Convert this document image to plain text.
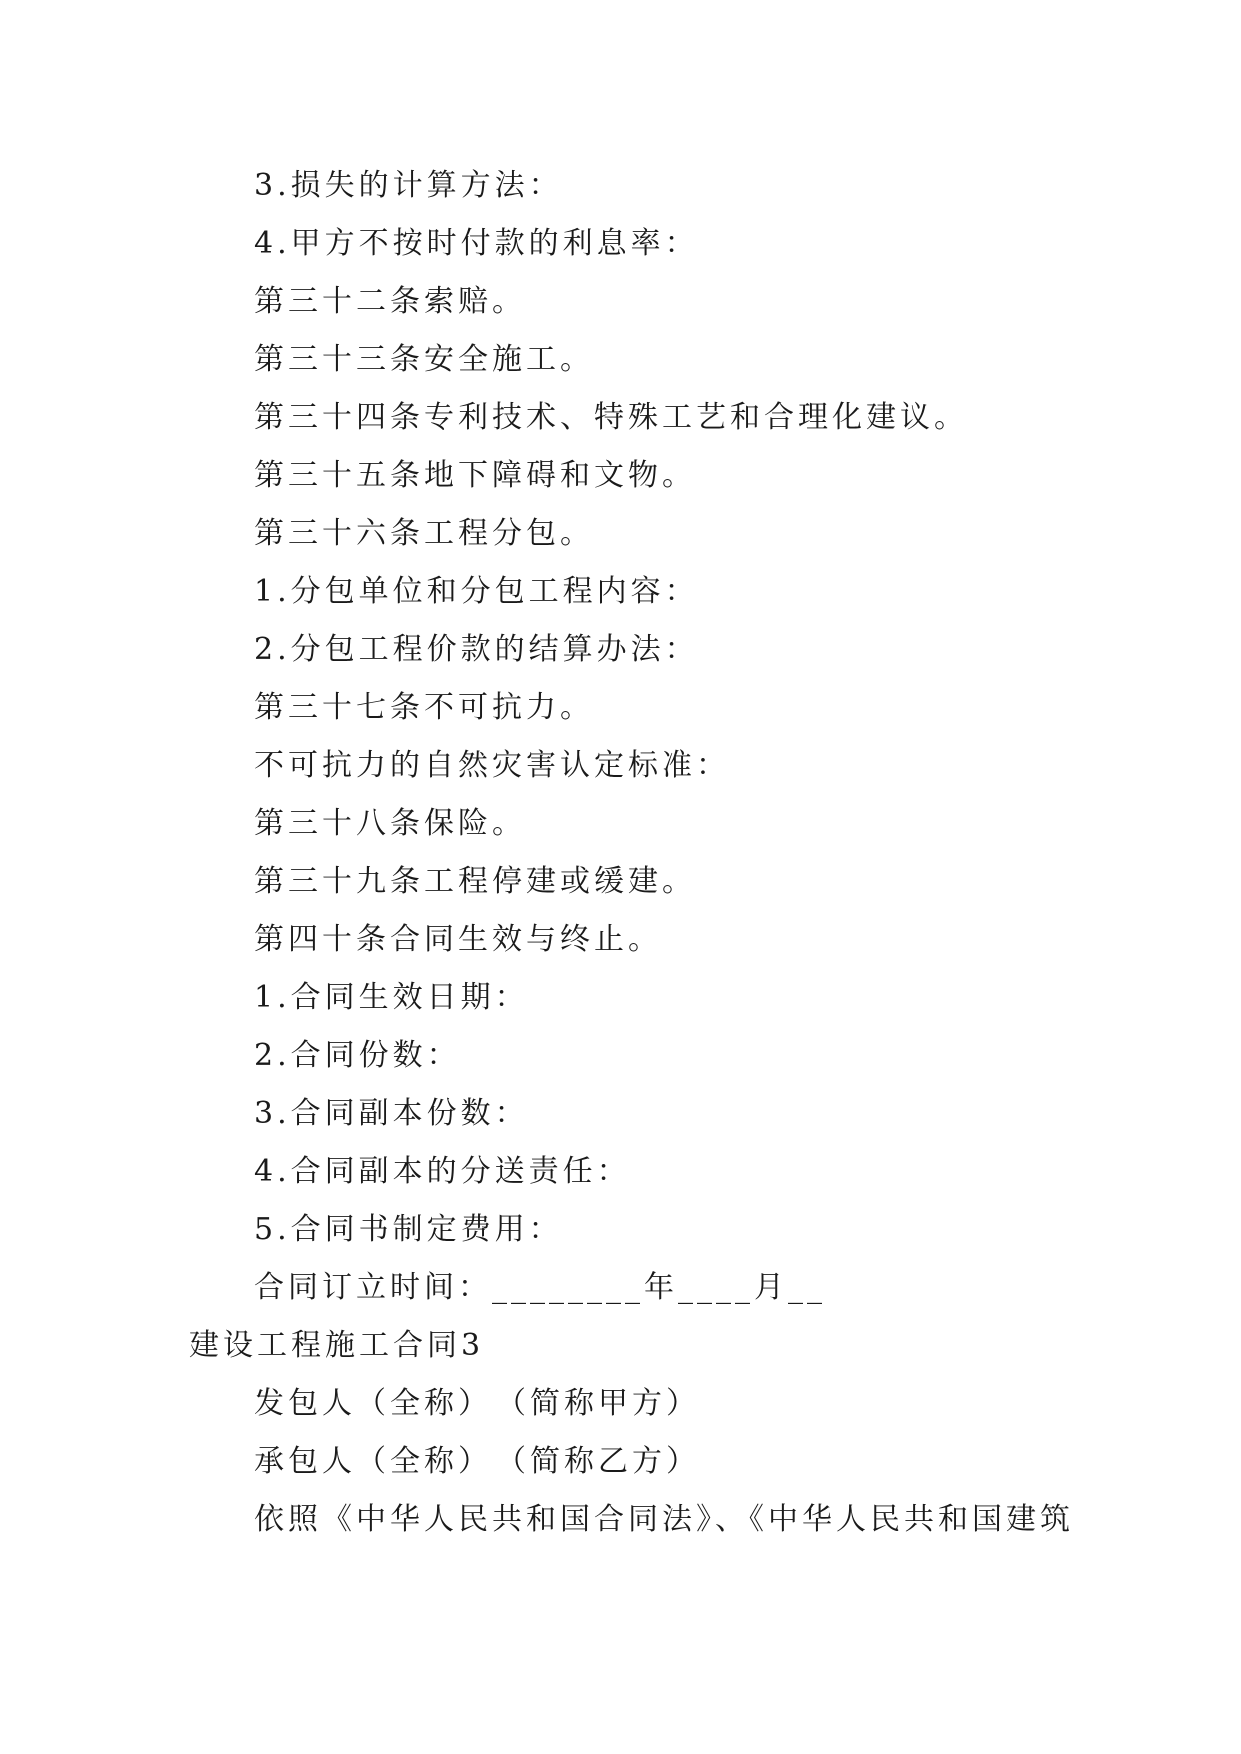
3.损失的计算方法：
4.甲方不按时付款的利息率：
第三十二条索赔。
第三十三条安全施工。
第三十四条专利技术、特殊工艺和合理化建议。
第三十五条地下障碍和文物。
第三十六条工程分包。
1.分包单位和分包工程内容：
2.分包工程价款的结算办法：
第三十七条不可抗力。
不可抗力的自然灾害认定标准：
第三十八条保险。
第三十九条工程停建或缓建。
第四十条合同生效与终止。
1.合同生效日期：
2.合同份数：
3.合同副本份数：
4.合同副本的分送责任：
5.合同书制定费用：
合同订立时间：________年____月__
建设工程施工合同3
发包人（全称）　（简称甲方）
承包人（全称）　（简称乙方）
依照《中华人民共和国合同法》、《中华人民共和国建筑
